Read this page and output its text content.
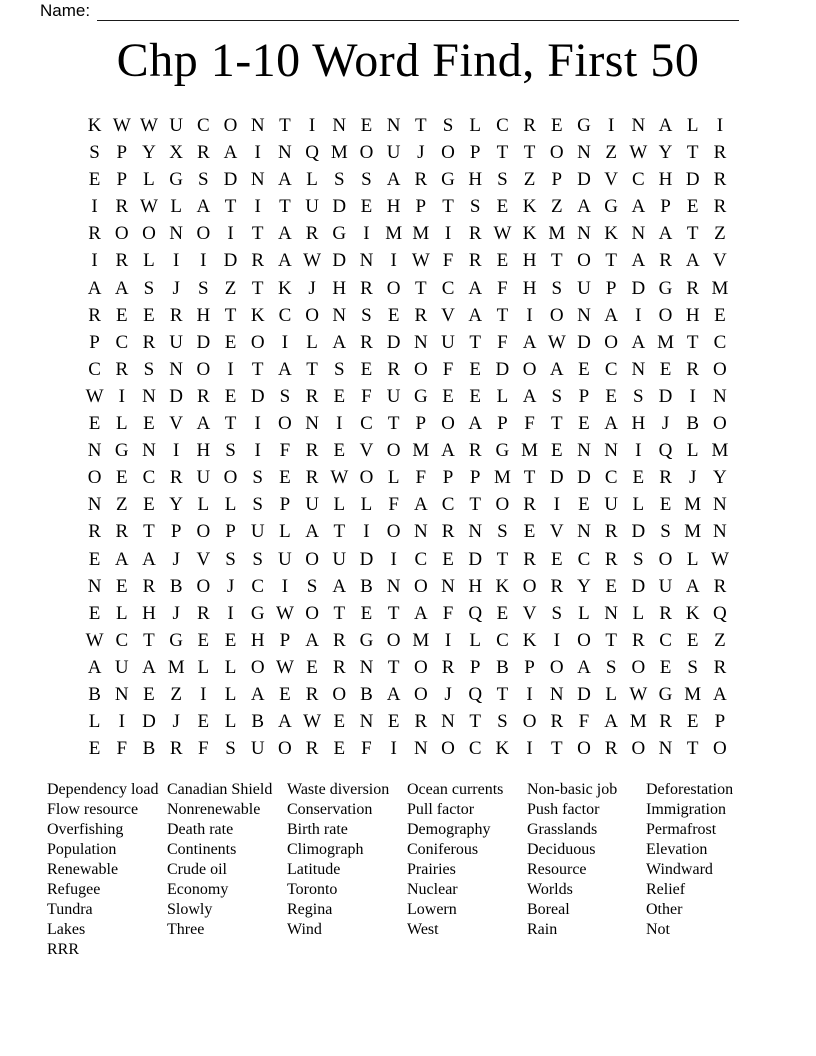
Name:
Chp 1-10 Word Find, First 50
K W W U C O N T I N E N T S L C R E G I N A L I
S P Y X R A I N Q M O U J O P T T O N Z W Y T R
E P L G S D N A L S S A R G H S Z P D V C H D R
I R W L A T I T U D E H P T S E K Z A G A P E R
R O O N O I T A R G I M M I R W K M N K N A T Z
I R L I	I D R A W D N I W F R E H T O T A R A V
A A S J S Z T K J H R O T C A F H S U P D G R M
R E E R H T K C O N S E R V A T I O N A I O H E
P C R U D E O I L A R D N U T F A W D O A M T C
C R S N O I T A T S E R O F E D O A E C N E R O
W I N D R E D S R E F U G E E L A S P E S D I N
E L E V A T I O N I C T P O A P F T E A H J B O
N G N I H S I F R E V O M A R G M E N N I Q L M
O E C R U O S E R W O L F P P M T D D C E R J Y
N Z E Y L L S P U L L F A C T O R I E U L E M N
R R T P O P U L A T I O N R N S E V N R D S M N
E A A J V S S U O U D I C E D T R E C R S O L W
N E R B O J C I S A B N O N H K O R Y E D U A R
E L H J R I G W O T E T A F Q E V S L N L R K Q
W C T G E E H P A R G O M I L C K I O T R C E Z
A U A M L L O W E R N T O R P B P O A S O E S R
B N E Z I L A E R O B A O J Q T I N D L W G M A
L I D J E L B A W E N E R N T S O R F A M R E P
E F B R F S U O R E F I N O C K I T O R O N T O
Dependency load
Flow resource
Overfishing
Population
Renewable
Refugee
Tundra
Lakes
RRR
Canadian Shield
Nonrenewable
Death rate
Continents
Crude oil
Economy
Slowly
Three
Waste diversion
Conservation
Birth rate
Climograph
Latitude
Toronto
Regina
Wind
Ocean currents
Pull factor
Demography
Coniferous
Prairies
Nuclear
Lowern
West
Non-basic job
Push factor
Grasslands
Deciduous
Resource
Worlds
Boreal
Rain
Deforestation
Immigration
Permafrost
Elevation
Windward
Relief
Other
Not
